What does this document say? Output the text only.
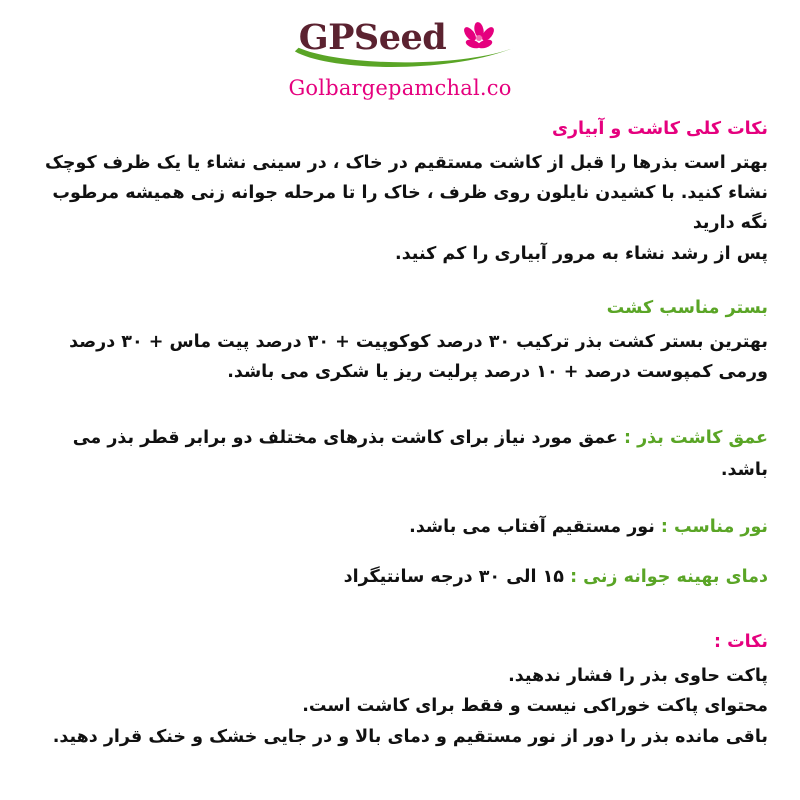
GPSeed
Golbargepamchal.co
نکات کلی کاشت و آبیاری

بهتر است بذرها را قبل از کاشت مستقیم در خاک ، در سینی نشاء یا یک ظرف کوچک نشاء کنید. با کشیدن نایلون روی ظرف ، خاک را تا مرحله جوانه زنی همیشه مرطوب نگه دارید

پس از رشد نشاء به مرور آبیاری را کم کنید.

بستر مناسب کشت

بهترین بستر کشت بذر ترکیب ۳۰ درصد کوکوپیت + ۳۰ درصد پیت ماس + ۳۰ درصد ورمی کمپوست درصد + ۱۰ درصد پرلیت ریز یا شکری می باشد.

عمق کاشت بذر : عمق مورد نیاز برای کاشت بذرهای مختلف دو برابر قطر بذر می باشد.

نور مناسب : نور مستقیم آفتاب می باشد.

دمای بهینه جوانه زنی : ۱۵ الی ۳۰ درجه سانتیگراد

نکات :

پاکت حاوی بذر را فشار ندهید.

محتوای پاکت خوراکی نیست و فقط برای کاشت است.

باقی مانده بذر را دور از نور مستقیم و دمای بالا و در جایی خشک و خنک قرار دهید.
